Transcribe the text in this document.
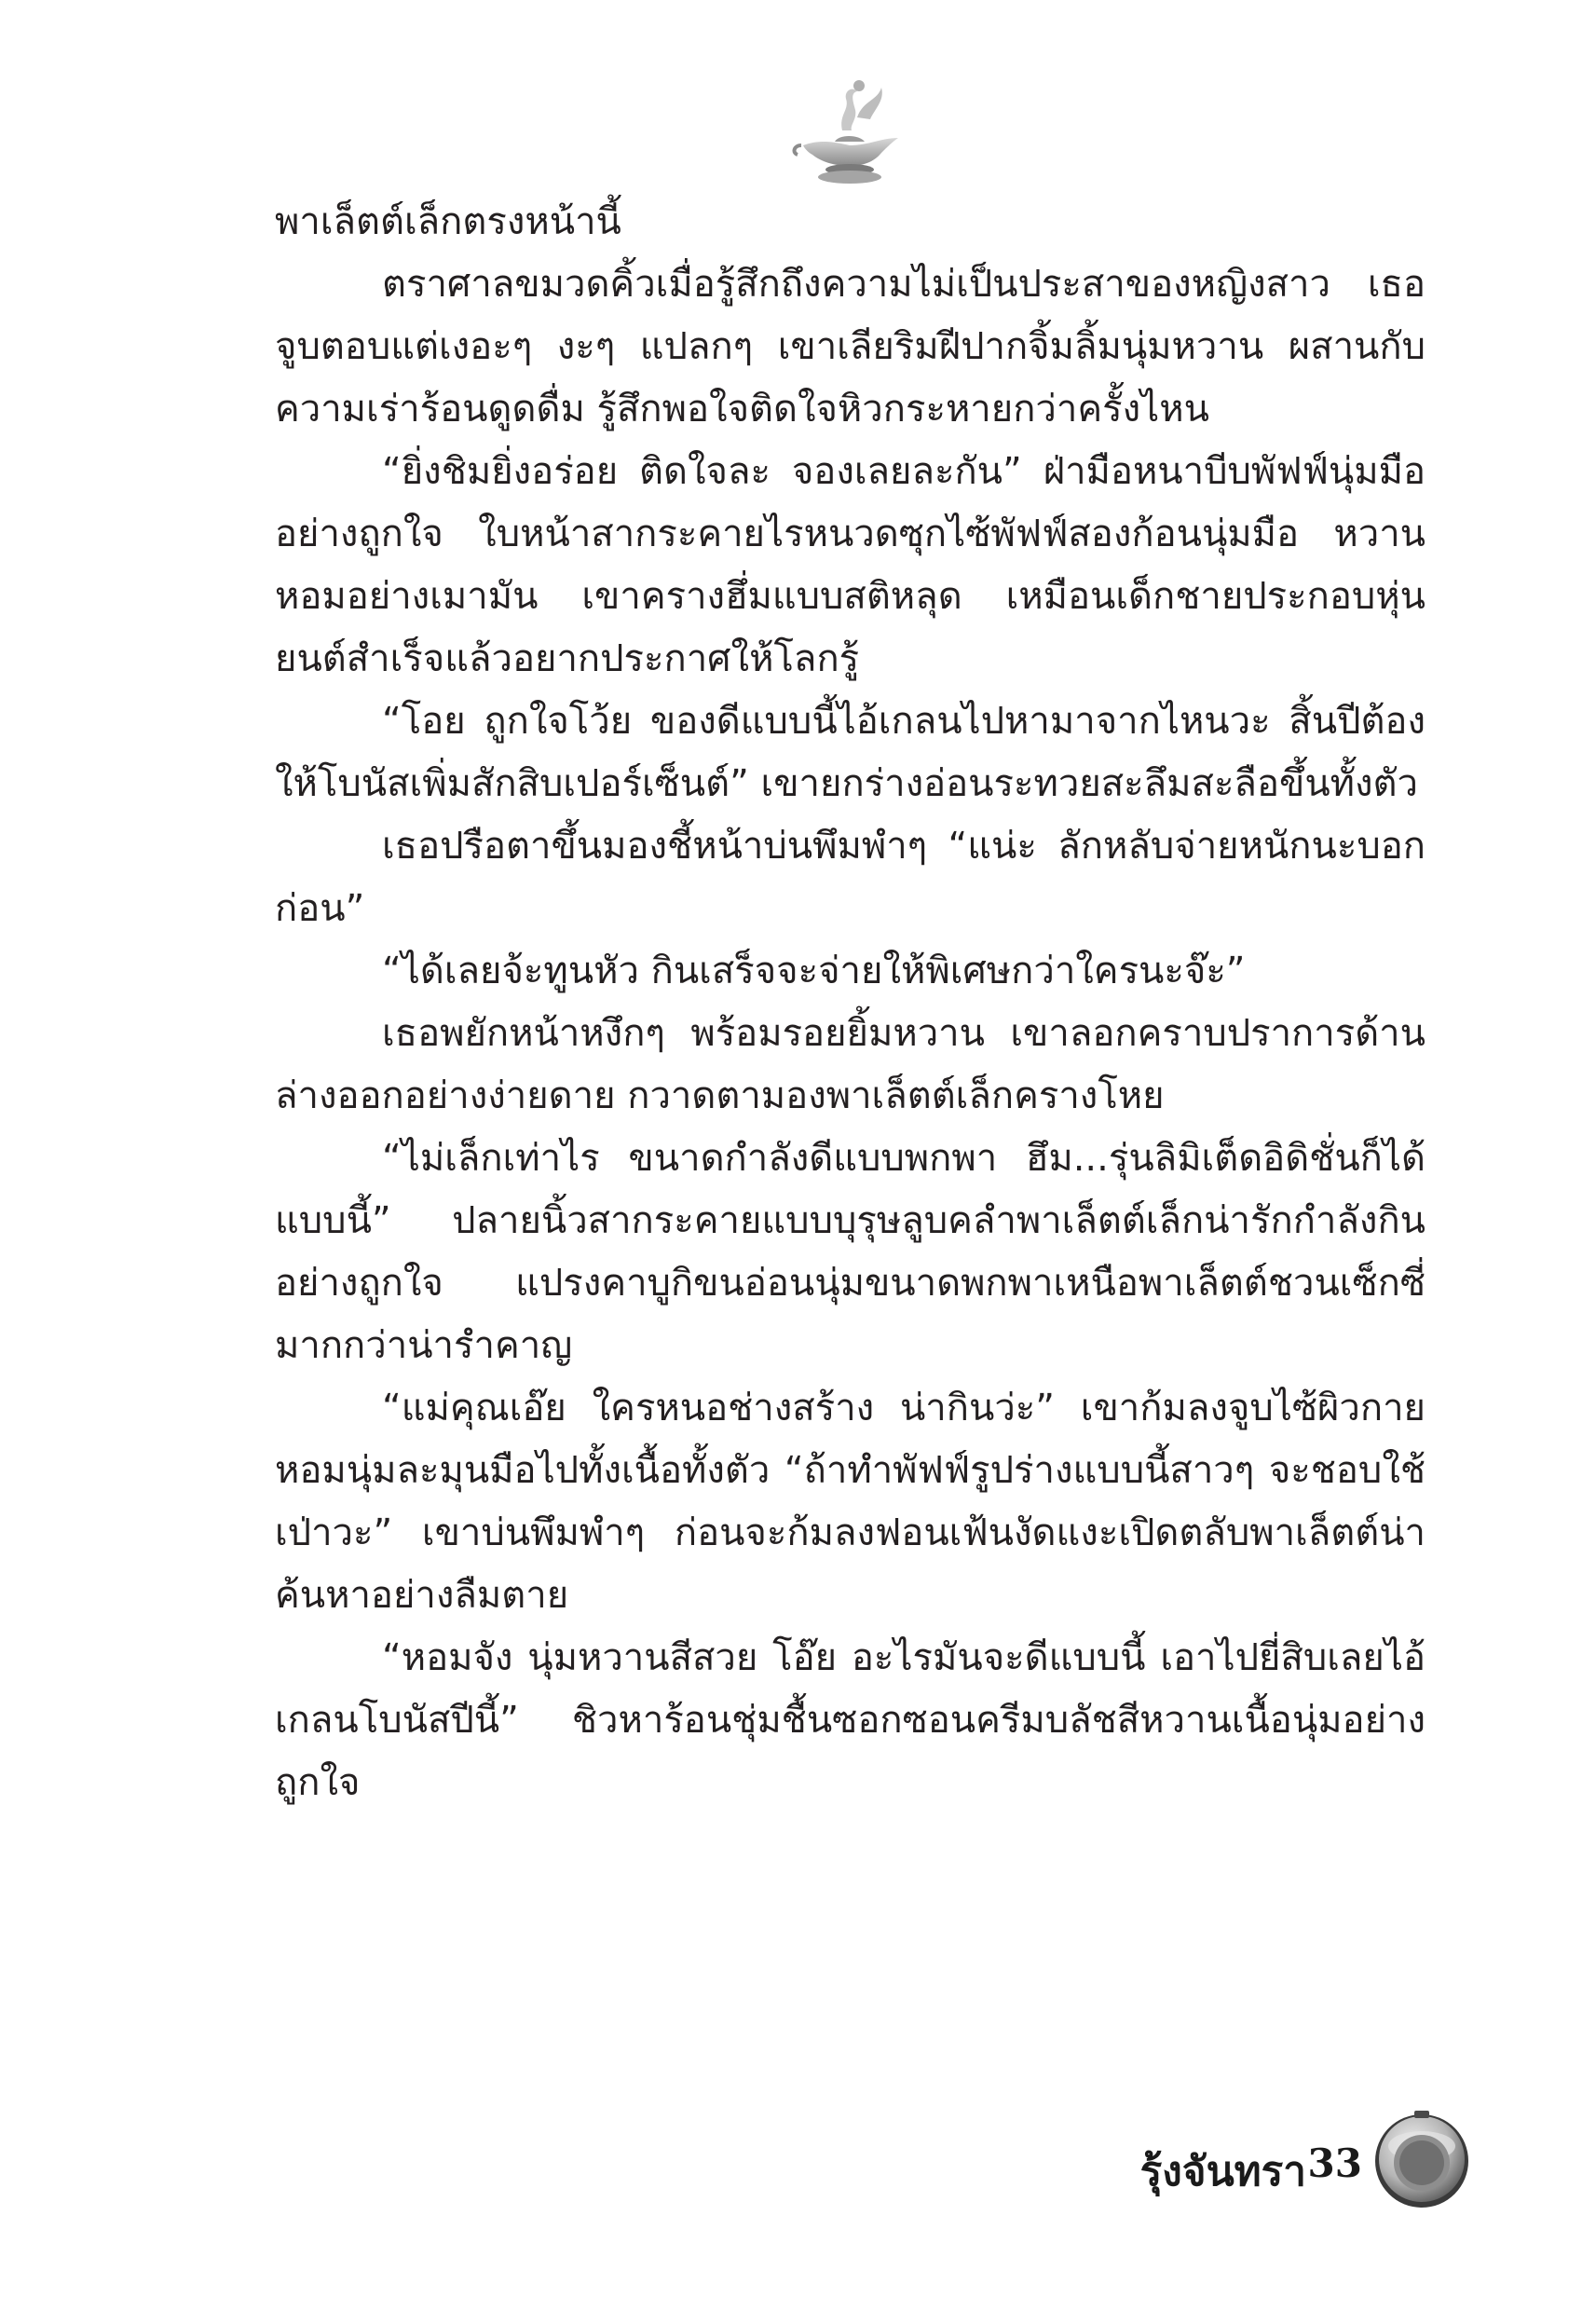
พาเล็ตต์เล็กตรงหน้านี้

ตราศาลขมวดคิ้วเมื่อรู้สึกถึงความไม่เป็นประสาของหญิงสาว เธอจูบตอบแต่เงอะๆ งะๆ แปลกๆ เขาเลียริมฝีปากจิ้มลิ้มนุ่มหวาน ผสานกับความเร่าร้อนดูดดื่ม รู้สึกพอใจติดใจหิวกระหายกว่าครั้งไหน

“ยิ่งชิมยิ่งอร่อย ติดใจละ จองเลยละกัน” ฝ่ามือหนาบีบพัฟฟ์นุ่มมืออย่างถูกใจ ใบหน้าสากระคายไรหนวดซุกไซ้พัฟฟ์สองก้อนนุ่มมือ หวานหอมอย่างเมามัน เขาครางฮึ่มแบบสติหลุด เหมือนเด็กชายประกอบหุ่นยนต์สำเร็จแล้วอยากประกาศให้โลกรู้

“โอย ถูกใจโว้ย ของดีแบบนี้ไอ้เกลนไปหามาจากไหนวะ สิ้นปีต้องให้โบนัสเพิ่มสักสิบเปอร์เซ็นต์” เขายกร่างอ่อนระทวยสะลึมสะลือขึ้นทั้งตัว

เธอปรือตาขึ้นมองชี้หน้าบ่นพึมพำๆ “แน่ะ ลักหลับจ่ายหนักนะบอกก่อน”

“ได้เลยจ้ะทูนหัว กินเสร็จจะจ่ายให้พิเศษกว่าใครนะจ๊ะ”

เธอพยักหน้าหงึกๆ พร้อมรอยยิ้มหวาน เขาลอกคราบปราการด้านล่างออกอย่างง่ายดาย กวาดตามองพาเล็ตต์เล็กครางโหย

“ไม่เล็กเท่าไร ขนาดกำลังดีแบบพกพา ฮึม...รุ่นลิมิเต็ดอิดิชั่นก็ได้แบบนี้” ปลายนิ้วสากระคายแบบบุรุษลูบคลำพาเล็ตต์เล็กน่ารักกำลังกินอย่างถูกใจ แปรงคาบูกิขนอ่อนนุ่มขนาดพกพาเหนือพาเล็ตต์ชวนเซ็กซี่มากกว่าน่ารำคาญ

“แม่คุณเอ๊ย ใครหนอช่างสร้าง น่ากินว่ะ” เขาก้มลงจูบไซ้ผิวกายหอมนุ่มละมุนมือไปทั้งเนื้อทั้งตัว “ถ้าทำพัฟฟ์รูปร่างแบบนี้สาวๆ จะชอบใช้เป่าวะ” เขาบ่นพึมพำๆ ก่อนจะก้มลงฟอนเฟ้นงัดแงะเปิดตลับพาเล็ตต์น่าค้นหาอย่างลืมตาย

“หอมจัง นุ่มหวานสีสวย โอ๊ย อะไรมันจะดีแบบนี้ เอาไปยี่สิบเลยไอ้เกลนโบนัสปีนี้” ชิวหาร้อนชุ่มชื้นซอกซอนครีมบลัชสีหวานเนื้อนุ่มอย่างถูกใจ

รุ้งจันทรา 33
